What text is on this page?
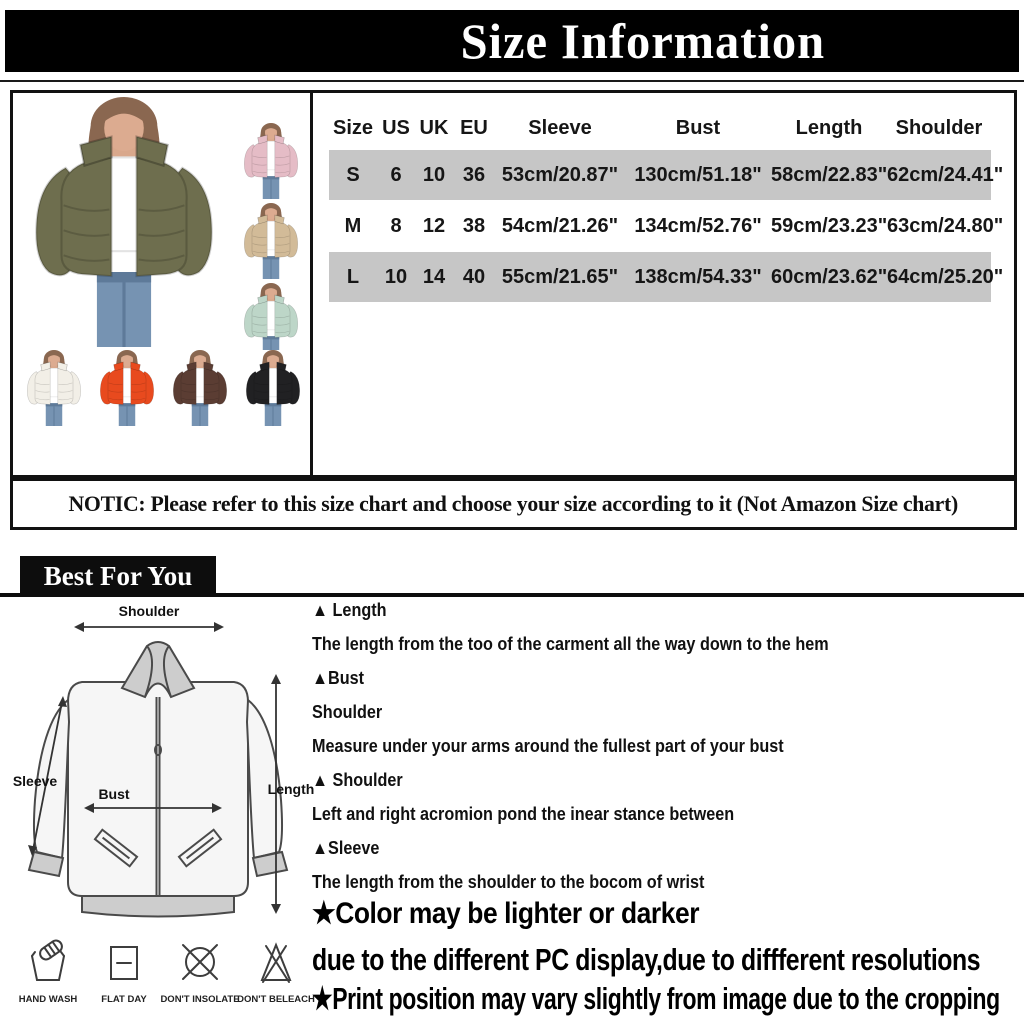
Size Information
Size US UK EU	Sleeve	Bust	Length	Shoulder
S	6	10 36 53cm/20.87" 130cm/51.18" 58cm/22.83" 62cm/24.41"
M	8	12 38 54cm/21.26" 134cm/52.76" 59cm/23.23" 63cm/24.80"
L	10 14 40 55cm/21.65" 138cm/54.33" 60cm/23.62" 64cm/25.20"

NOTIC: Please refer to this size chart and choose your size according to it (Not Amazon Size chart)

Best For You
Shoulder
Sleeve
Bust	Length

▲ Length

The length from the too of the carment all the way down to the hem

▲Bust

Shoulder

Measure under your arms around the fullest part of your bust

▲ Shoulder

Left and right acromion pond the inear stance between

▲Sleeve

The length from the shoulder to the bocom of wrist

★Color may be lighter or darker
due to the different PC display,due to diffferent resolutions
★Print position may vary slightly from image due to the cropping
HAND WASH	FLAT DAY DON'T INSOLATE
DON'T BELEACH
